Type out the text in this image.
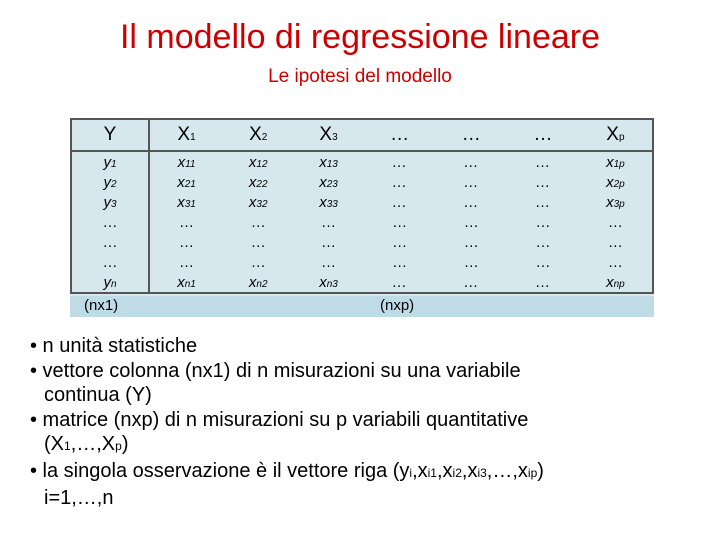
Il modello di regressione lineare
Le ipotesi del modello
Y	X1	X2	X3	…	…	…	Xp
y1	x11	x12	x13	…	…	…	x1p
y2	x21	x22	x23	…	…	…	x2p
y3	x31	x32	x33	…	…	…	x3p
…	…	…	…	…	…	…	…
…	…	…	…	…	…	…	…
…	…	…	…	…	…	…	…
yn	xn1	xn2	xn3	…	…	…	xnp
(nx1)	(nxp)
• n unità statistiche
• vettore colonna (nx1) di n misurazioni su una variabile
continua (Y)
• matrice (nxp) di n misurazioni su p variabili quantitative
(X1,…,Xp)
• la singola osservazione è il vettore riga (yi,xi1,xi2,xi3,…,xip)
i=1,…,n
